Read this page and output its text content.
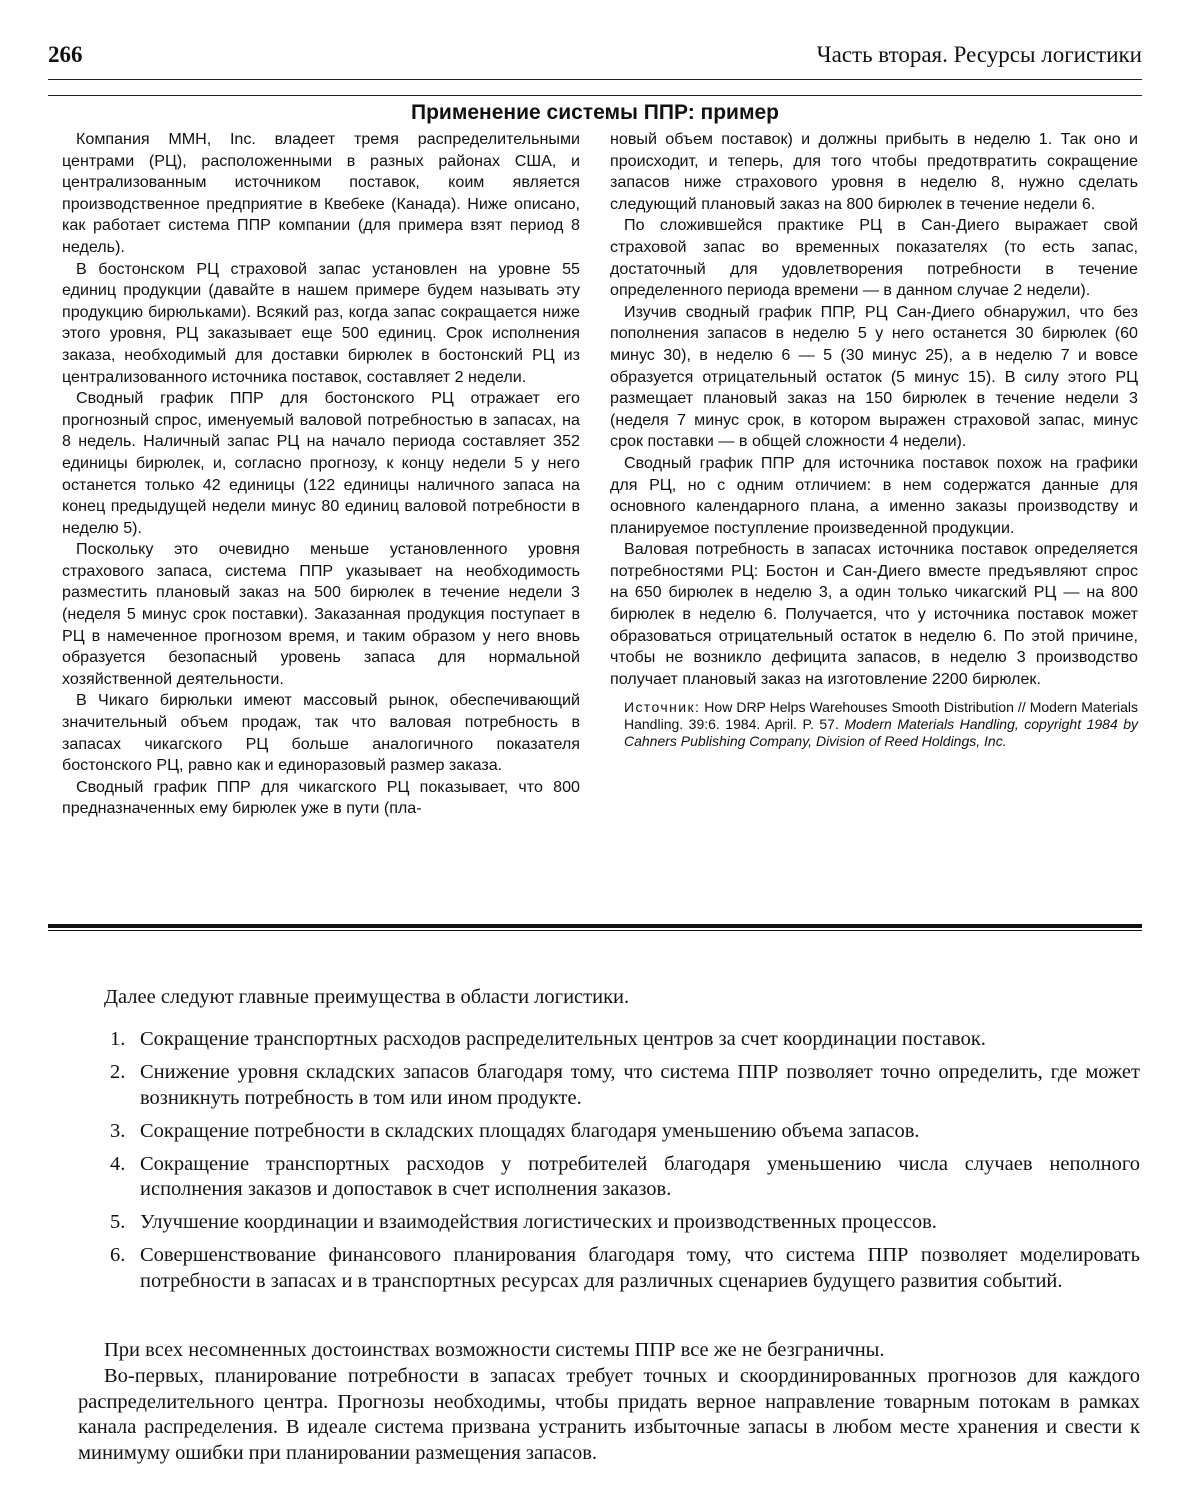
266	Часть вторая. Ресурсы логистики
Применение системы ППР: пример

Компания ММН, Inc. владеет тремя распределительными центрами (РЦ), расположенными в разных районах США, и централизованным источником поставок, коим является производственное предприятие в Квебеке (Канада). Ниже описано, как работает система ППР компании (для примера взят период 8 недель).

В бостонском РЦ страховой запас установлен на уровне 55 единиц продукции (давайте в нашем примере будем называть эту продукцию бирюльками). Всякий раз, когда запас сокращается ниже этого уровня, РЦ заказывает еще 500 единиц. Срок исполнения заказа, необходимый для доставки бирюлек в бостонский РЦ из централизованного источника поставок, составляет 2 недели.

Сводный график ППР для бостонского РЦ отражает его прогнозный спрос, именуемый валовой потребностью в запасах, на 8 недель. Наличный запас РЦ на начало периода составляет 352 единицы бирюлек, и, согласно прогнозу, к концу недели 5 у него останется только 42 единицы (122 единицы наличного запаса на конец предыдущей недели минус 80 единиц валовой потребности в неделю 5).

Поскольку это очевидно меньше установленного уровня страхового запаса, система ППР указывает на необходимость разместить плановый заказ на 500 бирюлек в течение недели 3 (неделя 5 минус срок поставки). Заказанная продукция поступает в РЦ в намеченное прогнозом время, и таким образом у него вновь образуется безопасный уровень запаса для нормальной хозяйственной деятельности.

В Чикаго бирюльки имеют массовый рынок, обеспечивающий значительный объем продаж, так что валовая потребность в запасах чикагского РЦ больше аналогичного показателя бостонского РЦ, равно как и единоразовый размер заказа.

Сводный график ППР для чикагского РЦ показывает, что 800 предназначенных ему бирюлек уже в пути (пла-

новый объем поставок) и должны прибыть в неделю 1. Так оно и происходит, и теперь, для того чтобы предотвратить сокращение запасов ниже страхового уровня в неделю 8, нужно сделать следующий плановый заказ на 800 бирюлек в течение недели 6.

По сложившейся практике РЦ в Сан-Диего выражает свой страховой запас во временных показателях (то есть запас, достаточный для удовлетворения потребности в течение определенного периода времени — в данном случае 2 недели).

Изучив сводный график ППР, РЦ Сан-Диего обнаружил, что без пополнения запасов в неделю 5 у него останется 30 бирюлек (60 минус 30), в неделю 6 — 5 (30 минус 25), а в неделю 7 и вовсе образуется отрицательный остаток (5 минус 15). В силу этого РЦ размещает плановый заказ на 150 бирюлек в течение недели 3 (неделя 7 минус срок, в котором выражен страховой запас, минус срок поставки — в общей сложности 4 недели).

Сводный график ППР для источника поставок похож на графики для РЦ, но с одним отличием: в нем содержатся данные для основного календарного плана, а именно заказы производству и планируемое поступление произведенной продукции.

Валовая потребность в запасах источника поставок определяется потребностями РЦ: Бостон и Сан-Диего вместе предъявляют спрос на 650 бирюлек в неделю 3, а один только чикагский РЦ — на 800 бирюлек в неделю 6. Получается, что у источника поставок может образоваться отрицательный остаток в неделю 6. По этой причине, чтобы не возникло дефицита запасов, в неделю 3 производство получает плановый заказ на изготовление 2200 бирюлек.

Источник: How DRP Helps Warehouses Smooth Distribution // Modern Materials Handling. 39:6. 1984. April. P. 57. Modern Materials Handling, copyright 1984 by Cahners Publishing Company, Division of Reed Holdings, Inc.

Далее следуют главные преимущества в области логистики.
1. Сокращение транспортных расходов распределительных центров за счет координации поставок.
2. Снижение уровня складских запасов благодаря тому, что система ППР позволяет точно определить, где может возникнуть потребность в том или ином продукте.
3. Сокращение потребности в складских площадях благодаря уменьшению объема запасов.
4. Сокращение транспортных расходов у потребителей благодаря уменьшению числа случаев неполного исполнения заказов и допоставок в счет исполнения заказов.
5. Улучшение координации и взаимодействия логистических и производственных процессов.
6. Совершенствование финансового планирования благодаря тому, что система ППР позволяет моделировать потребности в запасах и в транспортных ресурсах для различных сценариев будущего развития событий.
При всех несомненных достоинствах возможности системы ППР все же не безграничны.
Во-первых, планирование потребности в запасах требует точных и скоординированных прогнозов для каждого распределительного центра. Прогнозы необходимы, чтобы придать верное направление товарным потокам в рамках канала распределения. В идеале система призвана устранить избыточные запасы в любом месте хранения и свести к минимуму ошибки при планировании размещения запасов.
